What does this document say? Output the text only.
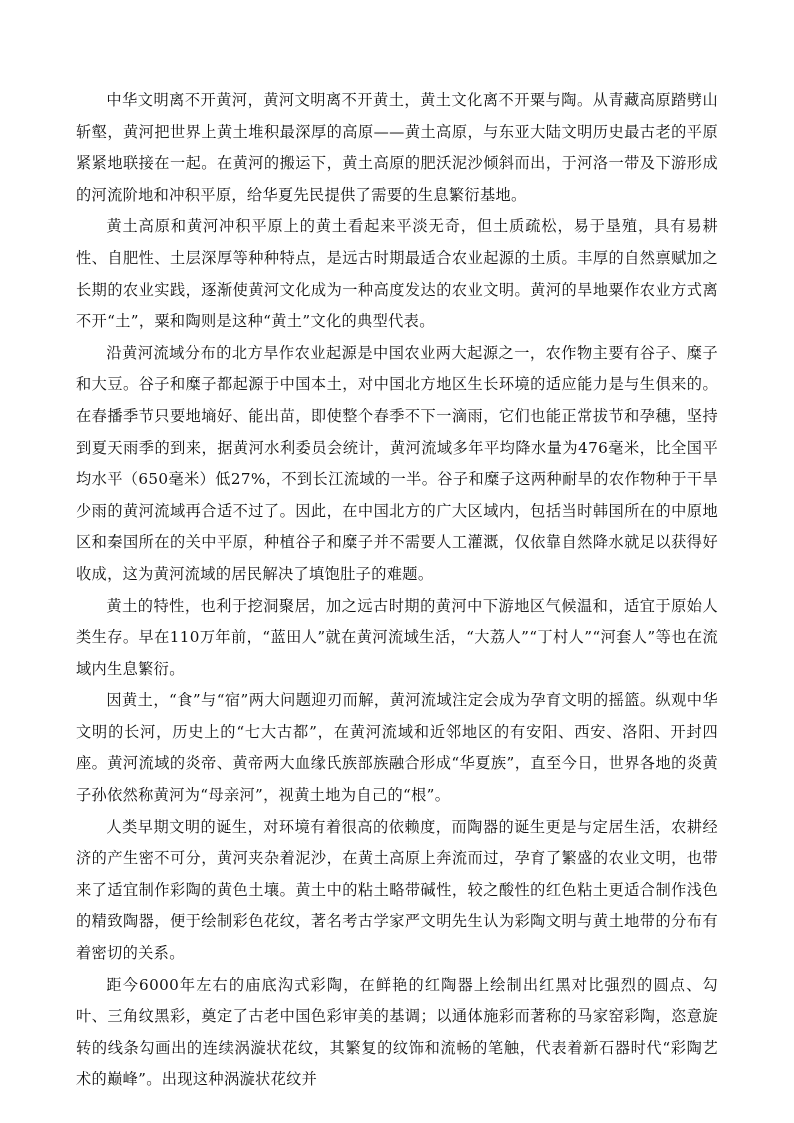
中华文明离不开黄河，黄河文明离不开黄土，黄土文化离不开粟与陶。从青藏高原踏劈山斩壑，黄河把世界上黄土堆积最深厚的高原——黄土高原，与东亚大陆文明历史最古老的平原紧紧地联接在一起。在黄河的搬运下，黄土高原的肥沃泥沙倾斜而出，于河洛一带及下游形成的河流阶地和冲积平原，给华夏先民提供了需要的生息繁衍基地。

黄土高原和黄河冲积平原上的黄土看起来平淡无奇，但土质疏松，易于垦殖，具有易耕性、自肥性、土层深厚等种种特点，是远古时期最适合农业起源的土质。丰厚的自然禀赋加之长期的农业实践，逐渐使黄河文化成为一种高度发达的农业文明。黄河的旱地粟作农业方式离不开“土”，粟和陶则是这种“黄土”文化的典型代表。

沿黄河流域分布的北方旱作农业起源是中国农业两大起源之一，农作物主要有谷子、糜子和大豆。谷子和糜子都起源于中国本土，对中国北方地区生长环境的适应能力是与生俱来的。在春播季节只要地墒好、能出苗，即使整个春季不下一滴雨，它们也能正常拔节和孕穗，坚持到夏天雨季的到来，据黄河水利委员会统计，黄河流域多年平均降水量为476毫米，比全国平均水平（650毫米）低27%，不到长江流域的一半。谷子和糜子这两种耐旱的农作物种于干旱少雨的黄河流域再合适不过了。因此，在中国北方的广大区域内，包括当时韩国所在的中原地区和秦国所在的关中平原，种植谷子和糜子并不需要人工灌溉，仅依靠自然降水就足以获得好收成，这为黄河流域的居民解决了填饱肚子的难题。

黄土的特性，也利于挖洞聚居，加之远古时期的黄河中下游地区气候温和，适宜于原始人类生存。早在110万年前，“蓝田人”就在黄河流域生活，“大荔人”“丁村人”“河套人”等也在流域内生息繁衍。

因黄土，“食”与“宿”两大问题迎刃而解，黄河流域注定会成为孕育文明的摇篮。纵观中华文明的长河，历史上的“七大古都”，在黄河流域和近邻地区的有安阳、西安、洛阳、开封四座。黄河流域的炎帝、黄帝两大血缘氏族部族融合形成“华夏族”，直至今日，世界各地的炎黄子孙依然称黄河为“母亲河”，视黄土地为自己的“根”。

人类早期文明的诞生，对环境有着很高的依赖度，而陶器的诞生更是与定居生活，农耕经济的产生密不可分，黄河夹杂着泥沙，在黄土高原上奔流而过，孕育了繁盛的农业文明，也带来了适宜制作彩陶的黄色土壤。黄土中的粘土略带碱性，较之酸性的红色粘土更适合制作浅色的精致陶器，便于绘制彩色花纹，著名考古学家严文明先生认为彩陶文明与黄土地带的分布有着密切的关系。

距今6000年左右的庙底沟式彩陶，在鲜艳的红陶器上绘制出红黑对比强烈的圆点、勾叶、三角纹黑彩，奠定了古老中国色彩审美的基调；以通体施彩而著称的马家窑彩陶，恣意旋转的线条勾画出的连续涡漩状花纹，其繁复的纹饰和流畅的笔触，代表着新石器时代“彩陶艺术的巅峰”。出现这种涡漩状花纹并
